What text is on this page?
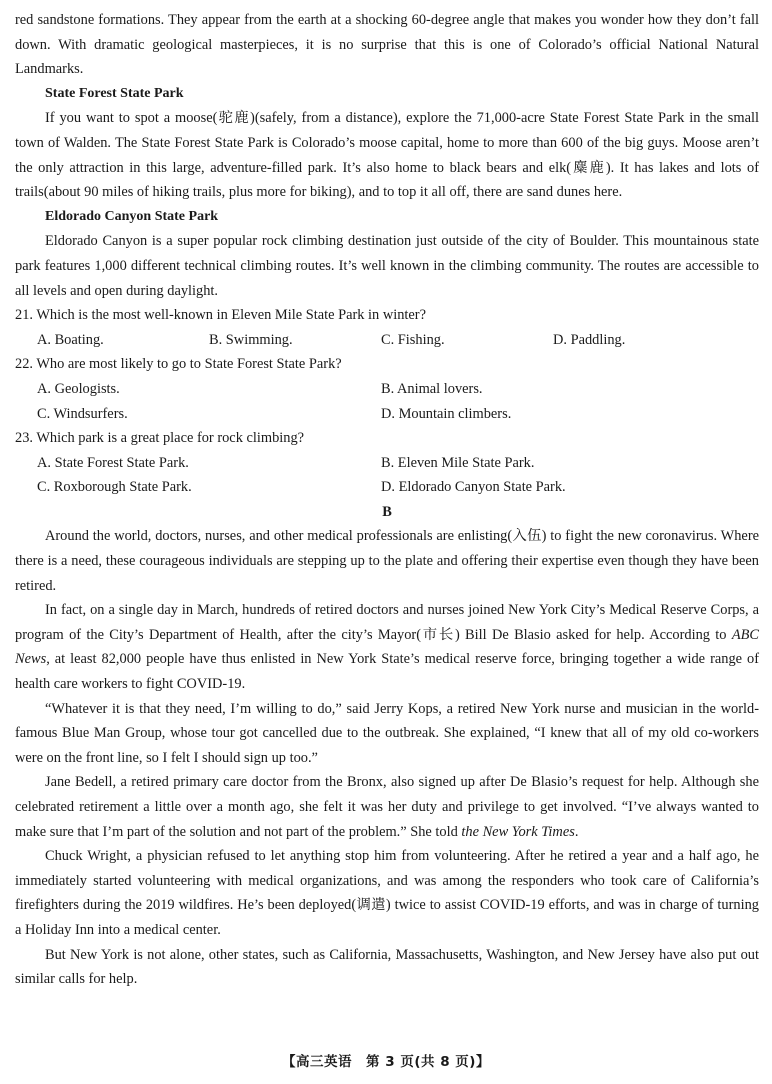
red sandstone formations. They appear from the earth at a shocking 60-degree angle that makes you wonder how they don’t fall down. With dramatic geological masterpieces, it is no surprise that this is one of Colorado’s official National Natural Landmarks.

State Forest State Park

If you want to spot a moose(驼鹿)(safely, from a distance), explore the 71,000-acre State Forest State Park in the small town of Walden. The State Forest State Park is Colorado’s moose capital, home to more than 600 of the big guys. Moose aren’t the only attraction in this large, adventure-filled park. It’s also home to black bears and elk(麋鹿). It has lakes and lots of trails(about 90 miles of hiking trails, plus more for biking), and to top it all off, there are sand dunes here.

Eldorado Canyon State Park

Eldorado Canyon is a super popular rock climbing destination just outside of the city of Boulder. This mountainous state park features 1,000 different technical climbing routes. It’s well known in the climbing community. The routes are accessible to all levels and open during daylight.

21. Which is the most well-known in Eleven Mile State Park in winter?
A. Boating.	B. Swimming.	C. Fishing.	D. Paddling.
22. Who are most likely to go to State Forest State Park?
A. Geologists.	B. Animal lovers.
C. Windsurfers.	D. Mountain climbers.
23. Which park is a great place for rock climbing?
A. State Forest State Park.	B. Eleven Mile State Park.
C. Roxborough State Park.	D. Eldorado Canyon State Park.
B

Around the world, doctors, nurses, and other medical professionals are enlisting(入伍) to fight the new coronavirus. Where there is a need, these courageous individuals are stepping up to the plate and offering their expertise even though they have been retired.

In fact, on a single day in March, hundreds of retired doctors and nurses joined New York City’s Medical Reserve Corps, a program of the City’s Department of Health, after the city’s Mayor(市长) Bill De Blasio asked for help. According to ABC News, at least 82,000 people have thus enlisted in New York State’s medical reserve force, bringing together a wide range of health care workers to fight COVID-19.

“Whatever it is that they need, I’m willing to do,” said Jerry Kops, a retired New York nurse and musician in the world-famous Blue Man Group, whose tour got cancelled due to the outbreak. She explained, “I knew that all of my old co-workers were on the front line, so I felt I should sign up too.”

Jane Bedell, a retired primary care doctor from the Bronx, also signed up after De Blasio’s request for help. Although she celebrated retirement a little over a month ago, she felt it was her duty and privilege to get involved. “I’ve always wanted to make sure that I’m part of the solution and not part of the problem.” She told the New York Times.

Chuck Wright, a physician refused to let anything stop him from volunteering. After he retired a year and a half ago, he immediately started volunteering with medical organizations, and was among the responders who took care of California’s firefighters during the 2019 wildfires. He’s been deployed(调遣) twice to assist COVID-19 efforts, and was in charge of turning a Holiday Inn into a medical center.

But New York is not alone, other states, such as California, Massachusetts, Washington, and New Jersey have also put out similar calls for help.

【高三英语　第 3 页(共 8 页)】
